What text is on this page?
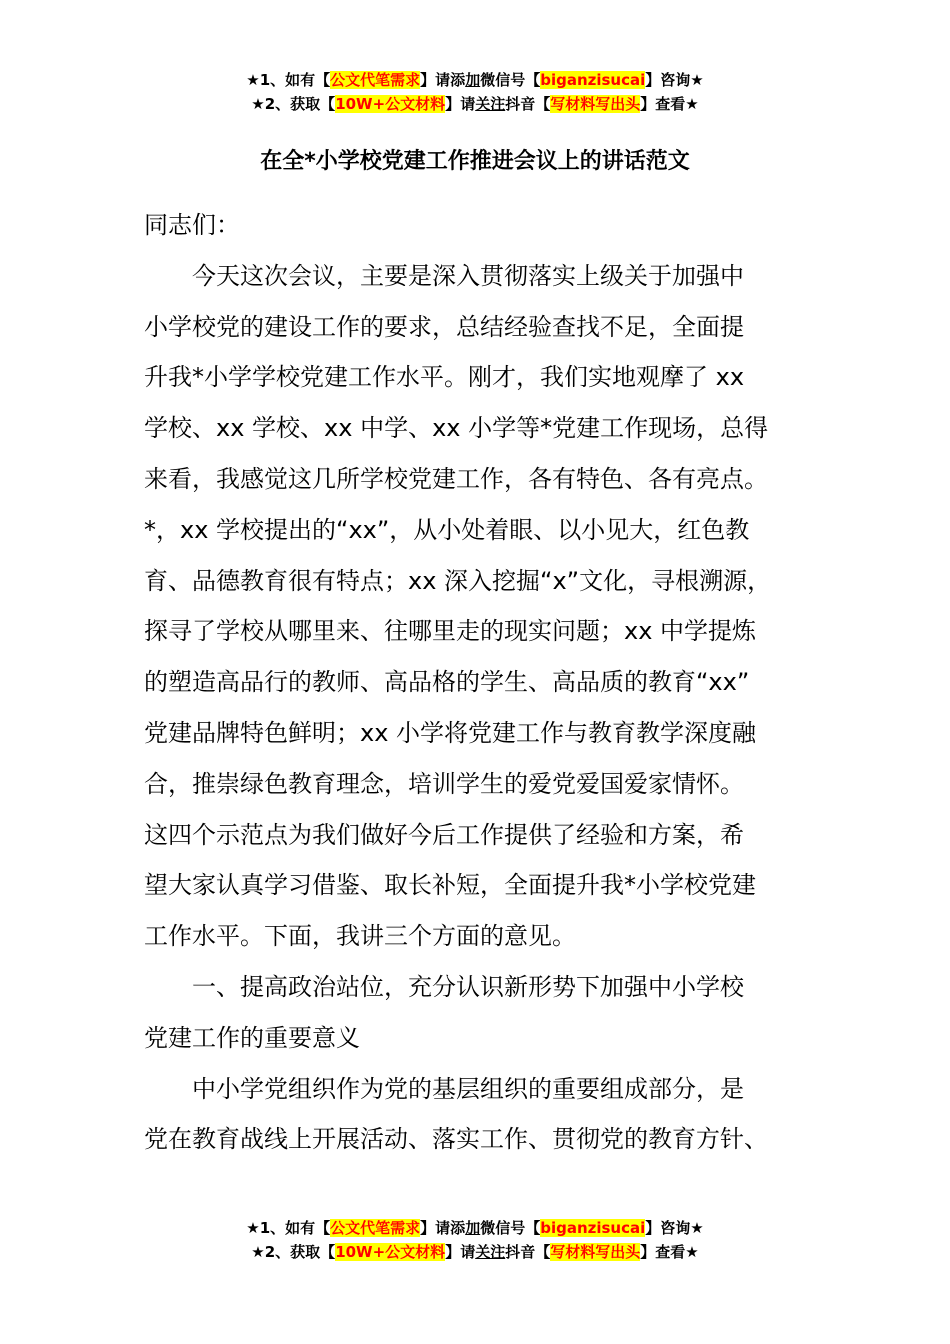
★1、如有【公文代笔需求】请添加微信号【biganzisucai】咨询★
★2、获取【10W+公文材料】请关注抖音【写材料写出头】查看★
在全*小学校党建工作推进会议上的讲话范文
同志们：
今天这次会议，主要是深入贯彻落实上级关于加强中
小学校党的建设工作的要求，总结经验查找不足，全面提
升我*小学学校党建工作水平。刚才，我们实地观摩了 xx
学校、xx 学校、xx 中学、xx 小学等*党建工作现场，总得
来看，我感觉这几所学校党建工作，各有特色、各有亮点。
*，xx 学校提出的“xx”，从小处着眼、以小见大，红色教
育、品德教育很有特点；xx 深入挖掘“x”文化，寻根溯源，
探寻了学校从哪里来、往哪里走的现实问题；xx 中学提炼
的塑造高品行的教师、高品格的学生、高品质的教育“xx”
党建品牌特色鲜明；xx 小学将党建工作与教育教学深度融
合，推崇绿色教育理念，培训学生的爱党爱国爱家情怀。
这四个示范点为我们做好今后工作提供了经验和方案，希
望大家认真学习借鉴、取长补短，全面提升我*小学校党建
工作水平。下面，我讲三个方面的意见。
一、提高政治站位，充分认识新形势下加强中小学校
党建工作的重要意义
中小学党组织作为党的基层组织的重要组成部分，是
党在教育战线上开展活动、落实工作、贯彻党的教育方针、
★1、如有【公文代笔需求】请添加微信号【biganzisucai】咨询★
★2、获取【10W+公文材料】请关注抖音【写材料写出头】查看★
